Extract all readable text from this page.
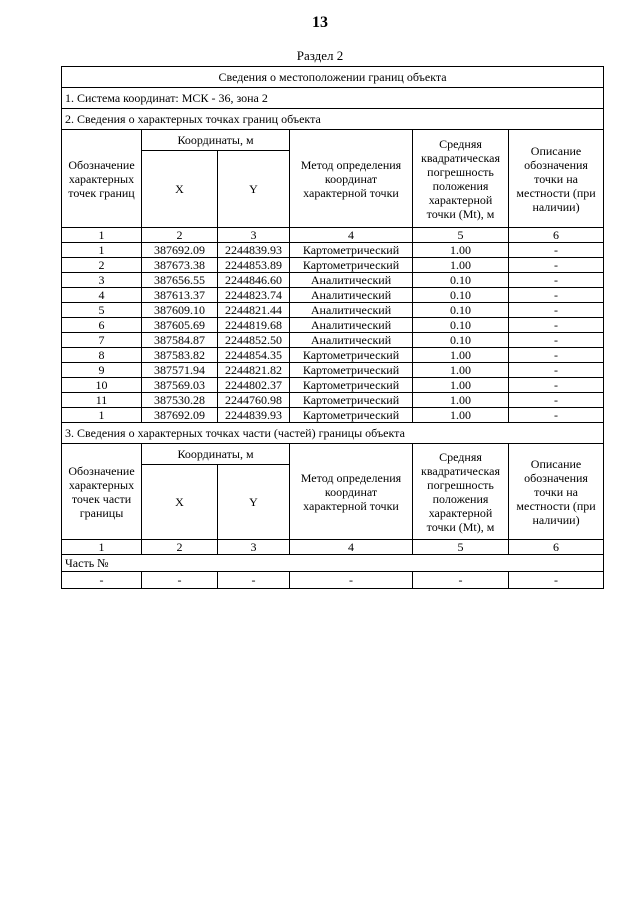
13
Раздел 2
Сведения о местоположении границ объекта					
1. Система координат: МСК - 36, зона 2					
2. Сведения о характерных точках границ объекта					
Обозначение характерных точек границ	Координаты, м		Метод определения координат характерной точки	Средняя квадратическая погрешность положения характерной точки (Mt), м	Описание обозначения точки на местности (при наличии)
	X	Y			
1	2	3	4	5	6
1	387692.09	2244839.93	Картометрический	1.00	-
2	387673.38	2244853.89	Картометрический	1.00	-
3	387656.55	2244846.60	Аналитический	0.10	-
4	387613.37	2244823.74	Аналитический	0.10	-
5	387609.10	2244821.44	Аналитический	0.10	-
6	387605.69	2244819.68	Аналитический	0.10	-
7	387584.87	2244852.50	Аналитический	0.10	-
8	387583.82	2244854.35	Картометрический	1.00	-
9	387571.94	2244821.82	Картометрический	1.00	-
10	387569.03	2244802.37	Картометрический	1.00	-
11	387530.28	2244760.98	Картометрический	1.00	-
1	387692.09	2244839.93	Картометрический	1.00	-
3. Сведения о характерных точках части (частей) границы объекта					
Обозначение характерных точек части границы	Координаты, м		Метод определения координат характерной точки	Средняя квадратическая погрешность положения характерной точки (Mt), м	Описание обозначения точки на местности (при наличии)
	X	Y			
1	2	3	4	5	6
Часть №					
-	-	-	-	-	-
